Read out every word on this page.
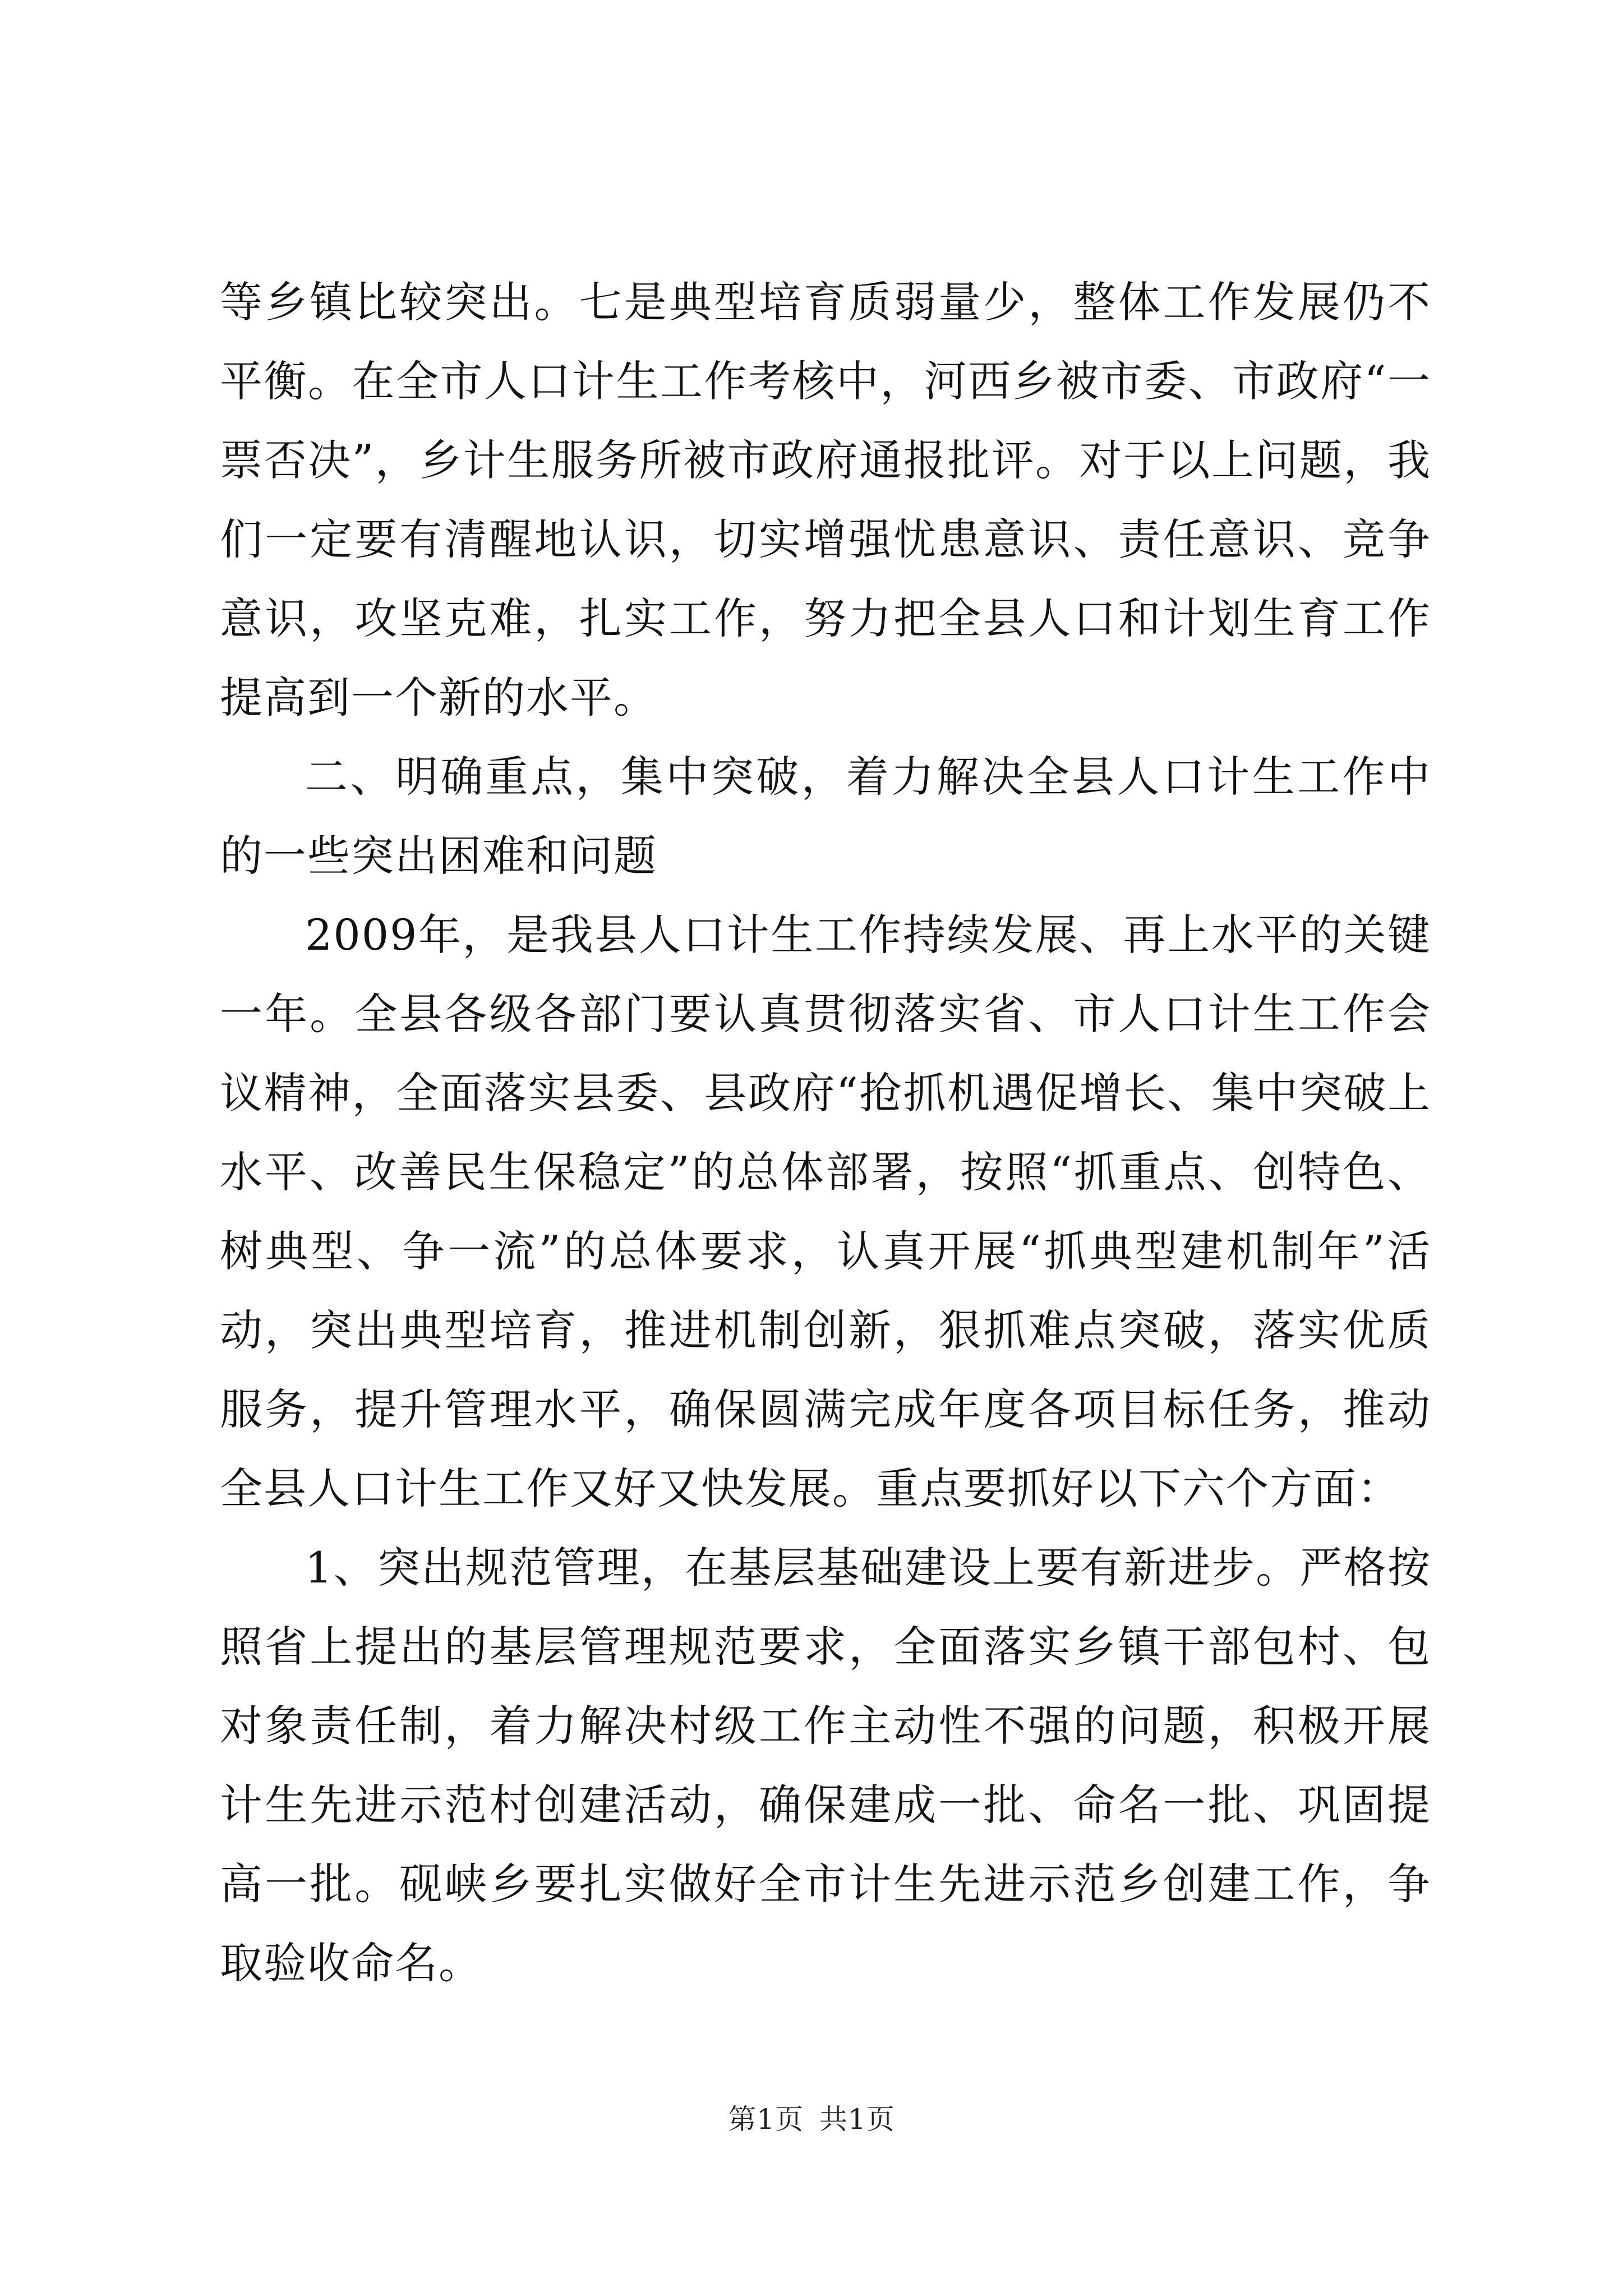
等乡镇比较突出。七是典型培育质弱量少，整体工作发展仍不平衡。在全市人口计生工作考核中，河西乡被市委、市政府“一票否决”，乡计生服务所被市政府通报批评。对于以上问题，我们一定要有清醒地认识，切实增强忧患意识、责任意识、竞争意识，攻坚克难，扎实工作，努力把全县人口和计划生育工作提高到一个新的水平。

二、明确重点，集中突破，着力解决全县人口计生工作中的一些突出困难和问题

2009年，是我县人口计生工作持续发展、再上水平的关键一年。全县各级各部门要认真贯彻落实省、市人口计生工作会议精神，全面落实县委、县政府“抢抓机遇促增长、集中突破上水平、改善民生保稳定”的总体部署，按照“抓重点、创特色、树典型、争一流”的总体要求，认真开展“抓典型建机制年”活动，突出典型培育，推进机制创新，狠抓难点突破，落实优质服务，提升管理水平，确保圆满完成年度各项目标任务，推动全县人口计生工作又好又快发展。重点要抓好以下六个方面：

1、突出规范管理，在基层基础建设上要有新进步。严格按照省上提出的基层管理规范要求，全面落实乡镇干部包村、包对象责任制，着力解决村级工作主动性不强的问题，积极开展计生先进示范村创建活动，确保建成一批、命名一批、巩固提高一批。砚峡乡要扎实做好全市计生先进示范乡创建工作，争取验收命名。

第1页 共1页
